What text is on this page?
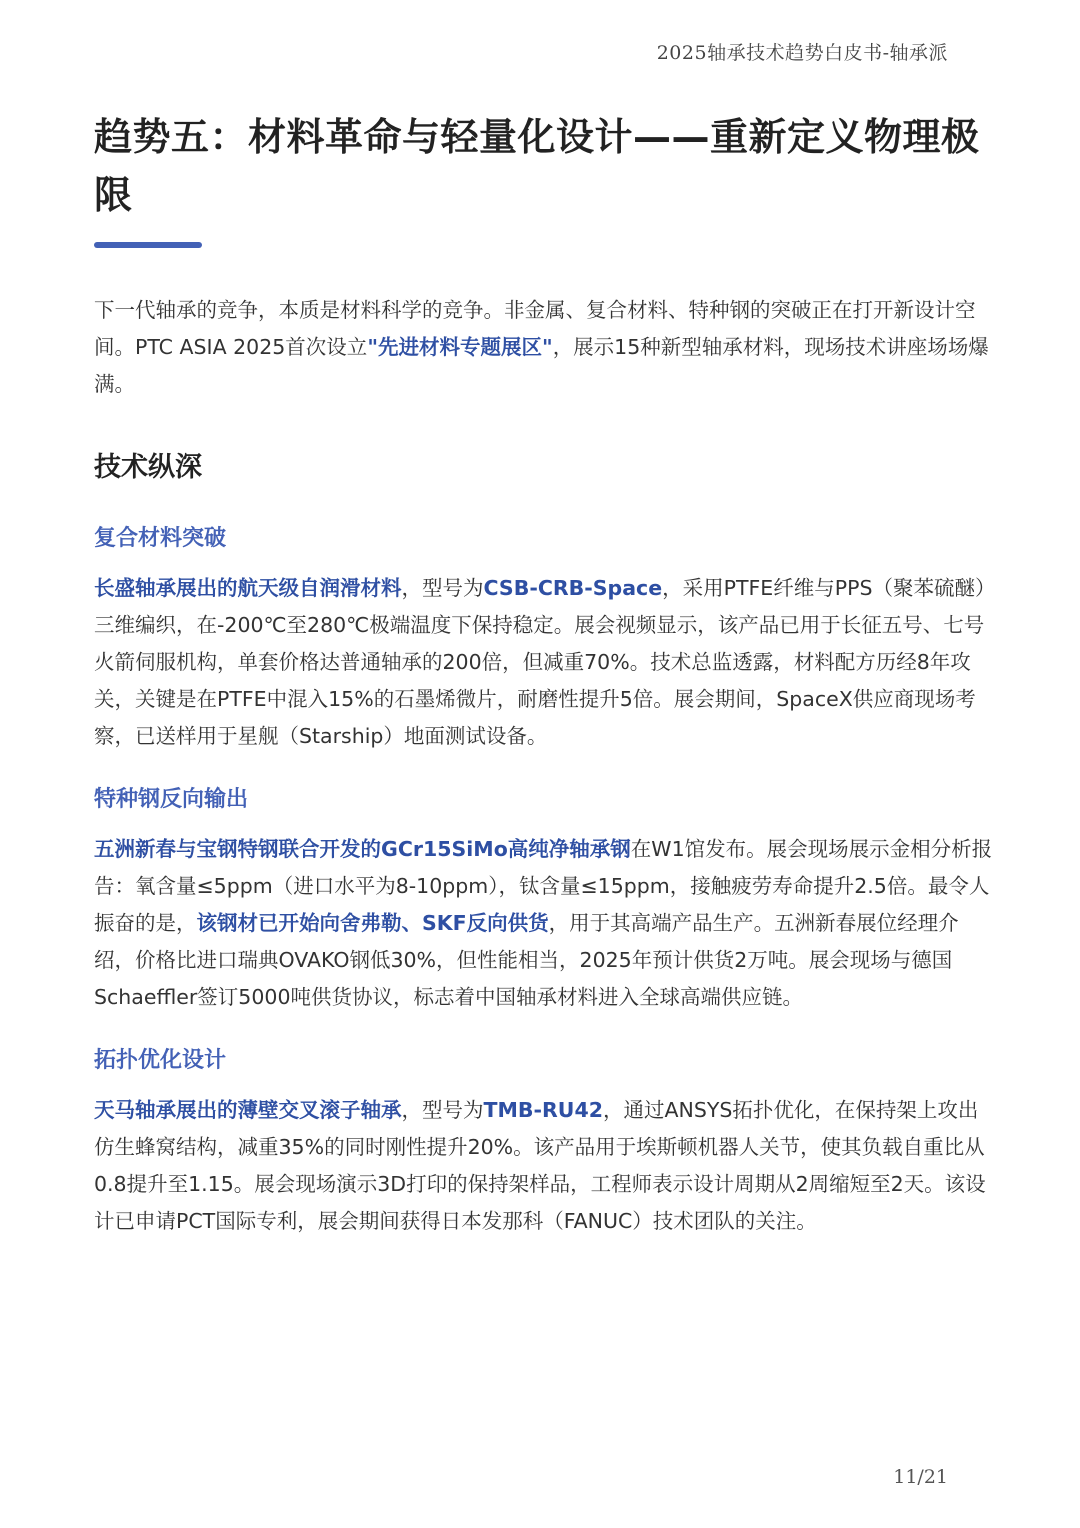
2025轴承技术趋势白皮书-轴承派
趋势五：材料革命与轻量化设计——重新定义物理极限

下一代轴承的竞争，本质是材料科学的竞争。非金属、复合材料、特种钢的突破正在打开新设计空间。PTC ASIA 2025首次设立"先进材料专题展区"，展示15种新型轴承材料，现场技术讲座场场爆满。

技术纵深
复合材料突破

长盛轴承展出的航天级自润滑材料，型号为CSB-CRB-Space，采用PTFE纤维与PPS（聚苯硫醚）三维编织，在-200℃至280℃极端温度下保持稳定。展会视频显示，该产品已用于长征五号、七号火箭伺服机构，单套价格达普通轴承的200倍，但减重70%。技术总监透露，材料配方历经8年攻关，关键是在PTFE中混入15%的石墨烯微片，耐磨性提升5倍。展会期间，SpaceX供应商现场考察，已送样用于星舰（Starship）地面测试设备。

特种钢反向输出

五洲新春与宝钢特钢联合开发的GCr15SiMo高纯净轴承钢在W1馆发布。展会现场展示金相分析报告：氧含量≤5ppm（进口水平为8-10ppm），钛含量≤15ppm，接触疲劳寿命提升2.5倍。最令人振奋的是，该钢材已开始向舍弗勒、SKF反向供货，用于其高端产品生产。五洲新春展位经理介绍，价格比进口瑞典OVAKO钢低30%，但性能相当，2025年预计供货2万吨。展会现场与德国Schaeffler签订5000吨供货协议，标志着中国轴承材料进入全球高端供应链。

拓扑优化设计

天马轴承展出的薄壁交叉滚子轴承，型号为TMB-RU42，通过ANSYS拓扑优化，在保持架上攻出仿生蜂窝结构，减重35%的同时刚性提升20%。该产品用于埃斯顿机器人关节，使其负载自重比从0.8提升至1.15。展会现场演示3D打印的保持架样品，工程师表示设计周期从2周缩短至2天。该设计已申请PCT国际专利，展会期间获得日本发那科（FANUC）技术团队的关注。

11/21
